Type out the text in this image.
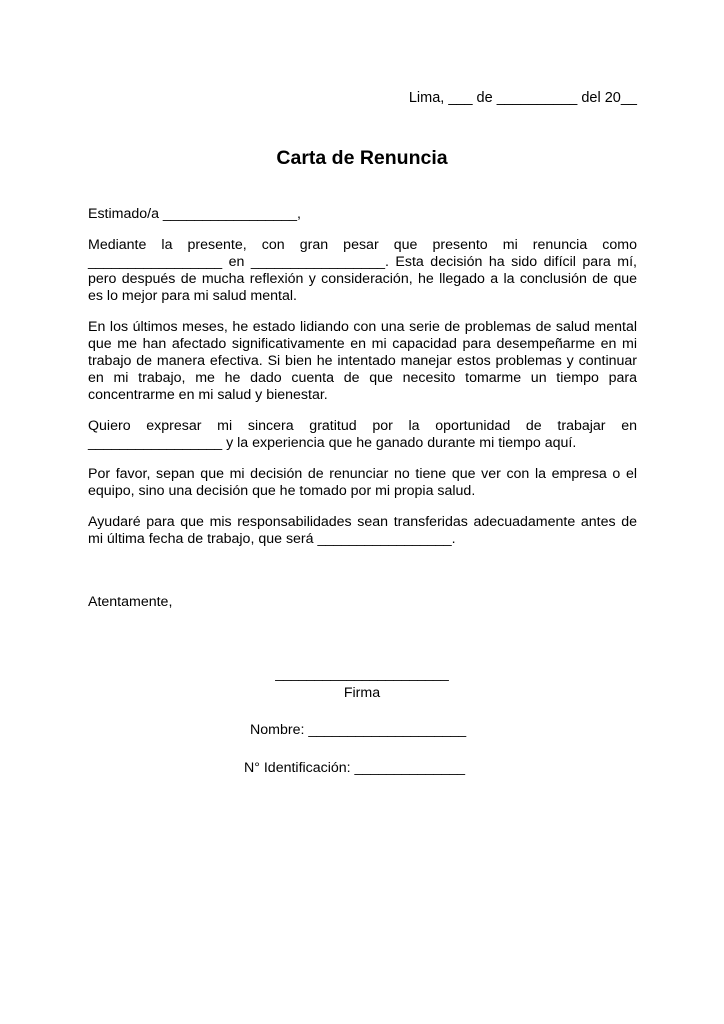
Lima, ___ de __________ del 20__
Carta de Renuncia

Estimado/a _________________,

Mediante la presente, con gran pesar que presento mi renuncia como _________________ en _________________. Esta decisión ha sido difícil para mí, pero después de mucha reflexión y consideración, he llegado a la conclusión de que es lo mejor para mi salud mental.

En los últimos meses, he estado lidiando con una serie de problemas de salud mental que me han afectado significativamente en mi capacidad para desempeñarme en mi trabajo de manera efectiva. Si bien he intentado manejar estos problemas y continuar en mi trabajo, me he dado cuenta de que necesito tomarme un tiempo para concentrarme en mi salud y bienestar.

Quiero expresar mi sincera gratitud por la oportunidad de trabajar en _________________ y la experiencia que he ganado durante mi tiempo aquí.

Por favor, sepan que mi decisión de renunciar no tiene que ver con la empresa o el equipo, sino una decisión que he tomado por mi propia salud.

Ayudaré para que mis responsabilidades sean transferidas adecuadamente antes de mi última fecha de trabajo, que será _________________.

Atentamente,
______________________
Firma
Nombre: ____________________
N° Identificación: ______________
